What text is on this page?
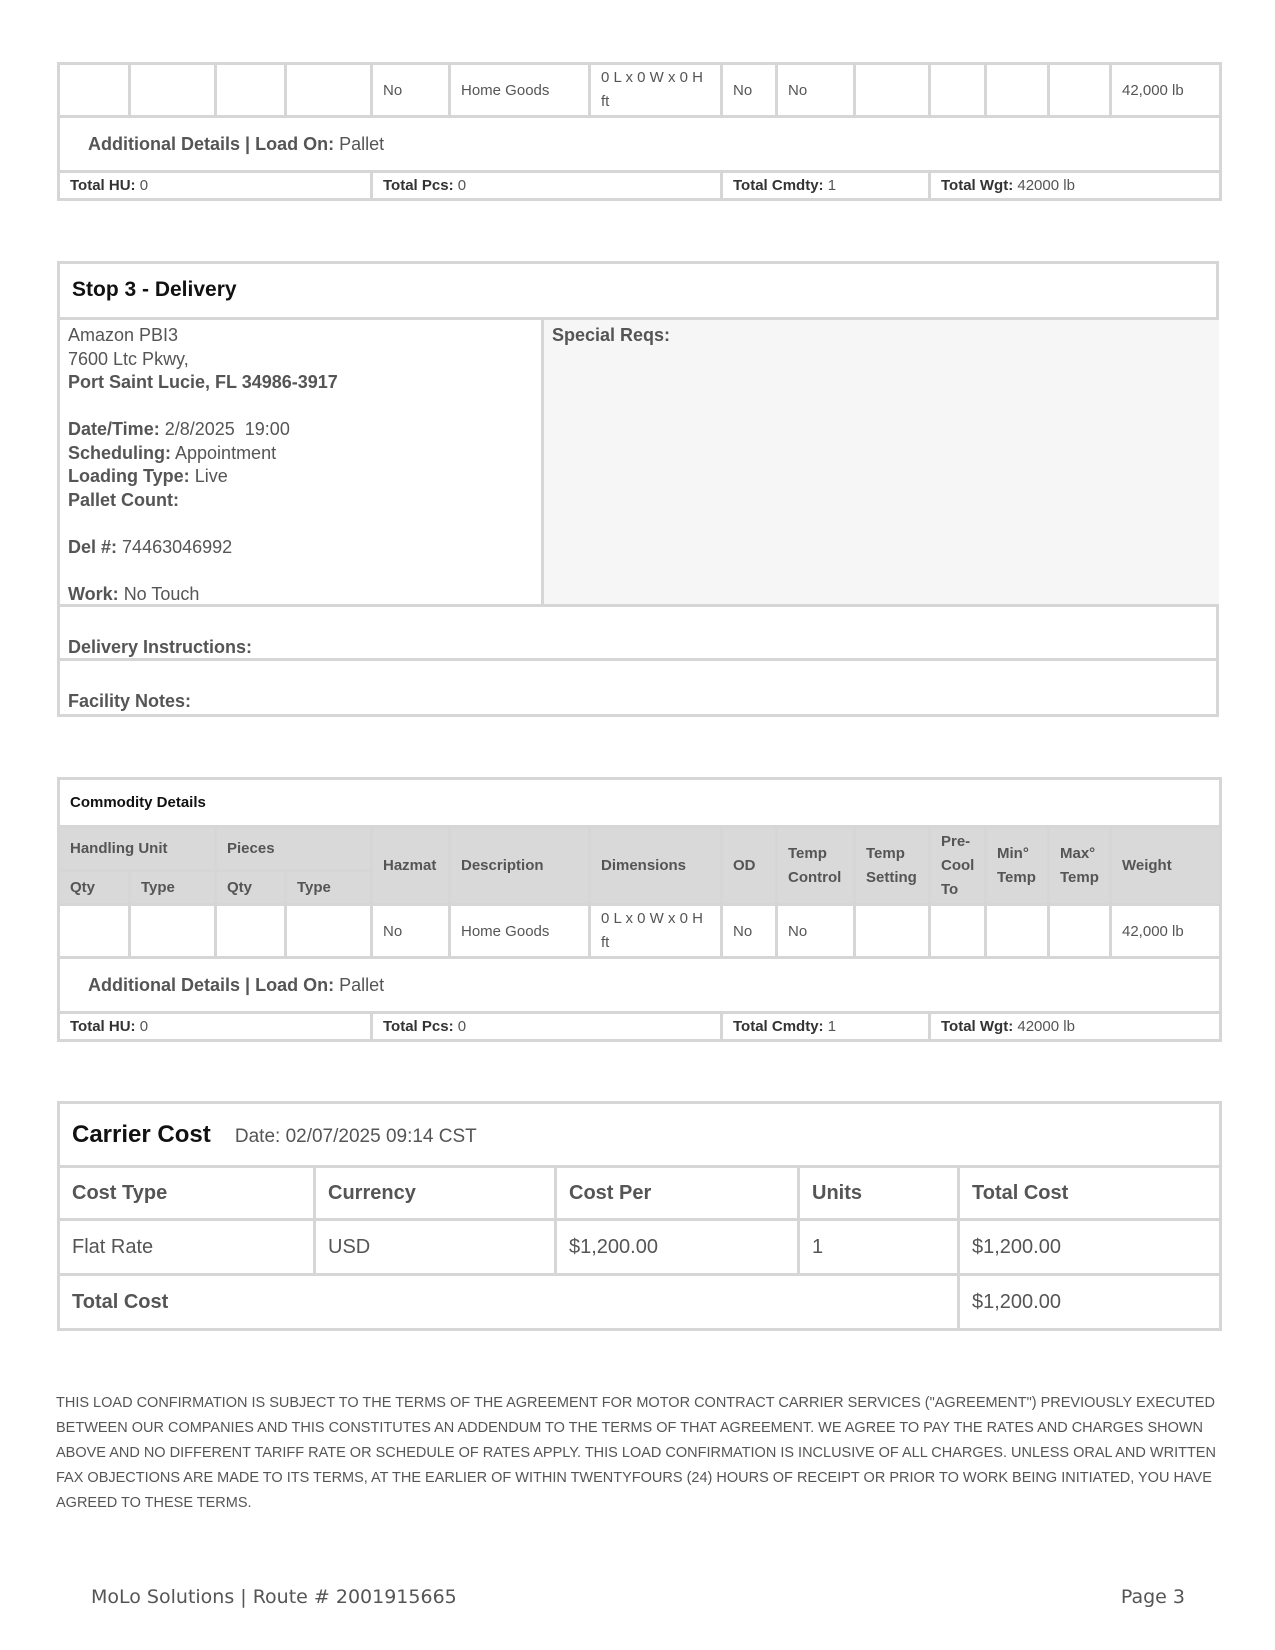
				No	Home Goods	0 L x 0 W x 0 H ft	No	No					42,000 lb
Additional Details | Load On: Pallet													
Total HU: 0				Total Pcs: 0			Total Cmdty: 1			Total Wgt: 42000 lb			
Stop 3 - Delivery
Amazon PBI3
7600 Ltc Pkwy,
Port Saint Lucie, FL 34986-3917
Date/Time: 2/8/2025  19:00
Scheduling: Appointment
Loading Type: Live
Pallet Count:
Del #: 74463046992
Work: No Touch
Special Reqs:
Delivery Instructions:
Facility Notes:
Commodity Details													
Handling Unit		Pieces		Hazmat	Description	Dimensions	OD	Temp Control	Temp Setting	Pre-Cool To	Min° Temp	Max° Temp	Weight
Qty	Type	Qty	Type										
				No	Home Goods	0 L x 0 W x 0 H ft	No	No					42,000 lb
Additional Details | Load On: Pallet													
Total HU: 0				Total Pcs: 0			Total Cmdty: 1			Total Wgt: 42000 lb			
Carrier Cost Date: 02/07/2025 09:14 CST				
Cost Type	Currency	Cost Per	Units	Total Cost
Flat Rate	USD	$1,200.00	1	$1,200.00
Total Cost				$1,200.00
THIS LOAD CONFIRMATION IS SUBJECT TO THE TERMS OF THE AGREEMENT FOR MOTOR CONTRACT CARRIER SERVICES ("AGREEMENT") PREVIOUSLY EXECUTED BETWEEN OUR COMPANIES AND THIS CONSTITUTES AN ADDENDUM TO THE TERMS OF THAT AGREEMENT. WE AGREE TO PAY THE RATES AND CHARGES SHOWN ABOVE AND NO DIFFERENT TARIFF RATE OR SCHEDULE OF RATES APPLY. THIS LOAD CONFIRMATION IS INCLUSIVE OF ALL CHARGES. UNLESS ORAL AND WRITTEN FAX OBJECTIONS ARE MADE TO ITS TERMS, AT THE EARLIER OF WITHIN TWENTYFOURS (24) HOURS OF RECEIPT OR PRIOR TO WORK BEING INITIATED, YOU HAVE AGREED TO THESE TERMS.
MoLo Solutions | Route # 2001915665	Page 3
